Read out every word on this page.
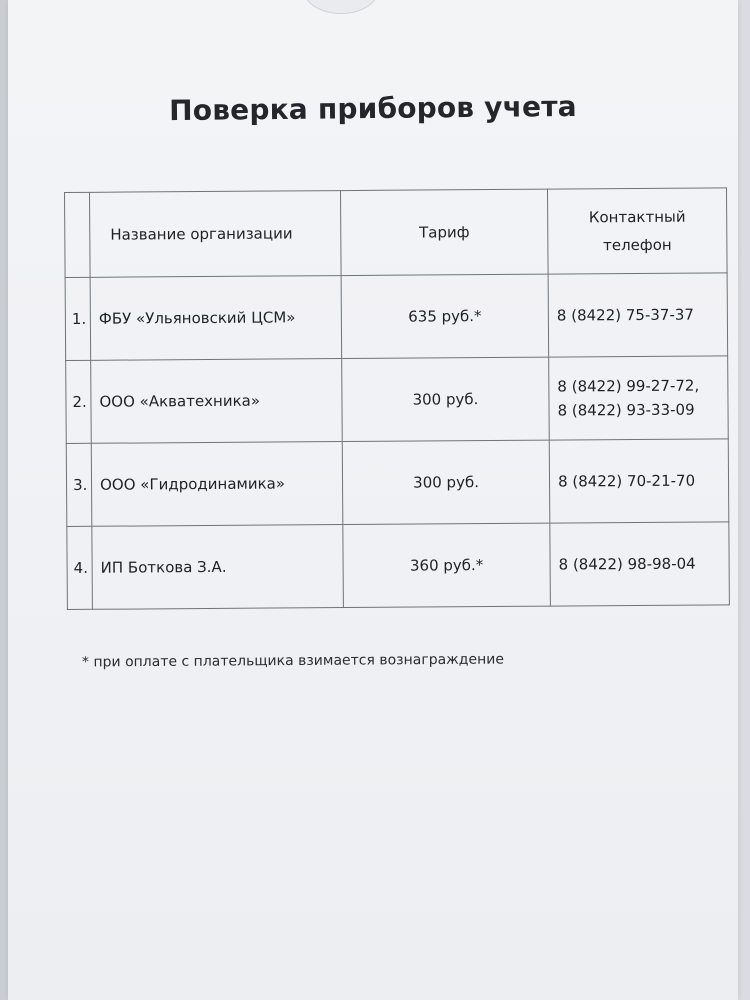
Поверка приборов учета
	Название организации	Тариф	Контактный телефон
1.	ФБУ «Ульяновский ЦСМ»	635 руб.*	8 (8422) 75-37-37

2.	ООО «Акватехника»	300 руб.	8 (8422) 99-27-72,
8 (8422) 93-33-09

3.	ООО «Гидродинамика»	300 руб.	8 (8422) 70-21-70

4.	ИП Боткова З.А.	360 руб.*	8 (8422) 98-98-04
* при оплате с плательщика взимается вознаграждение
